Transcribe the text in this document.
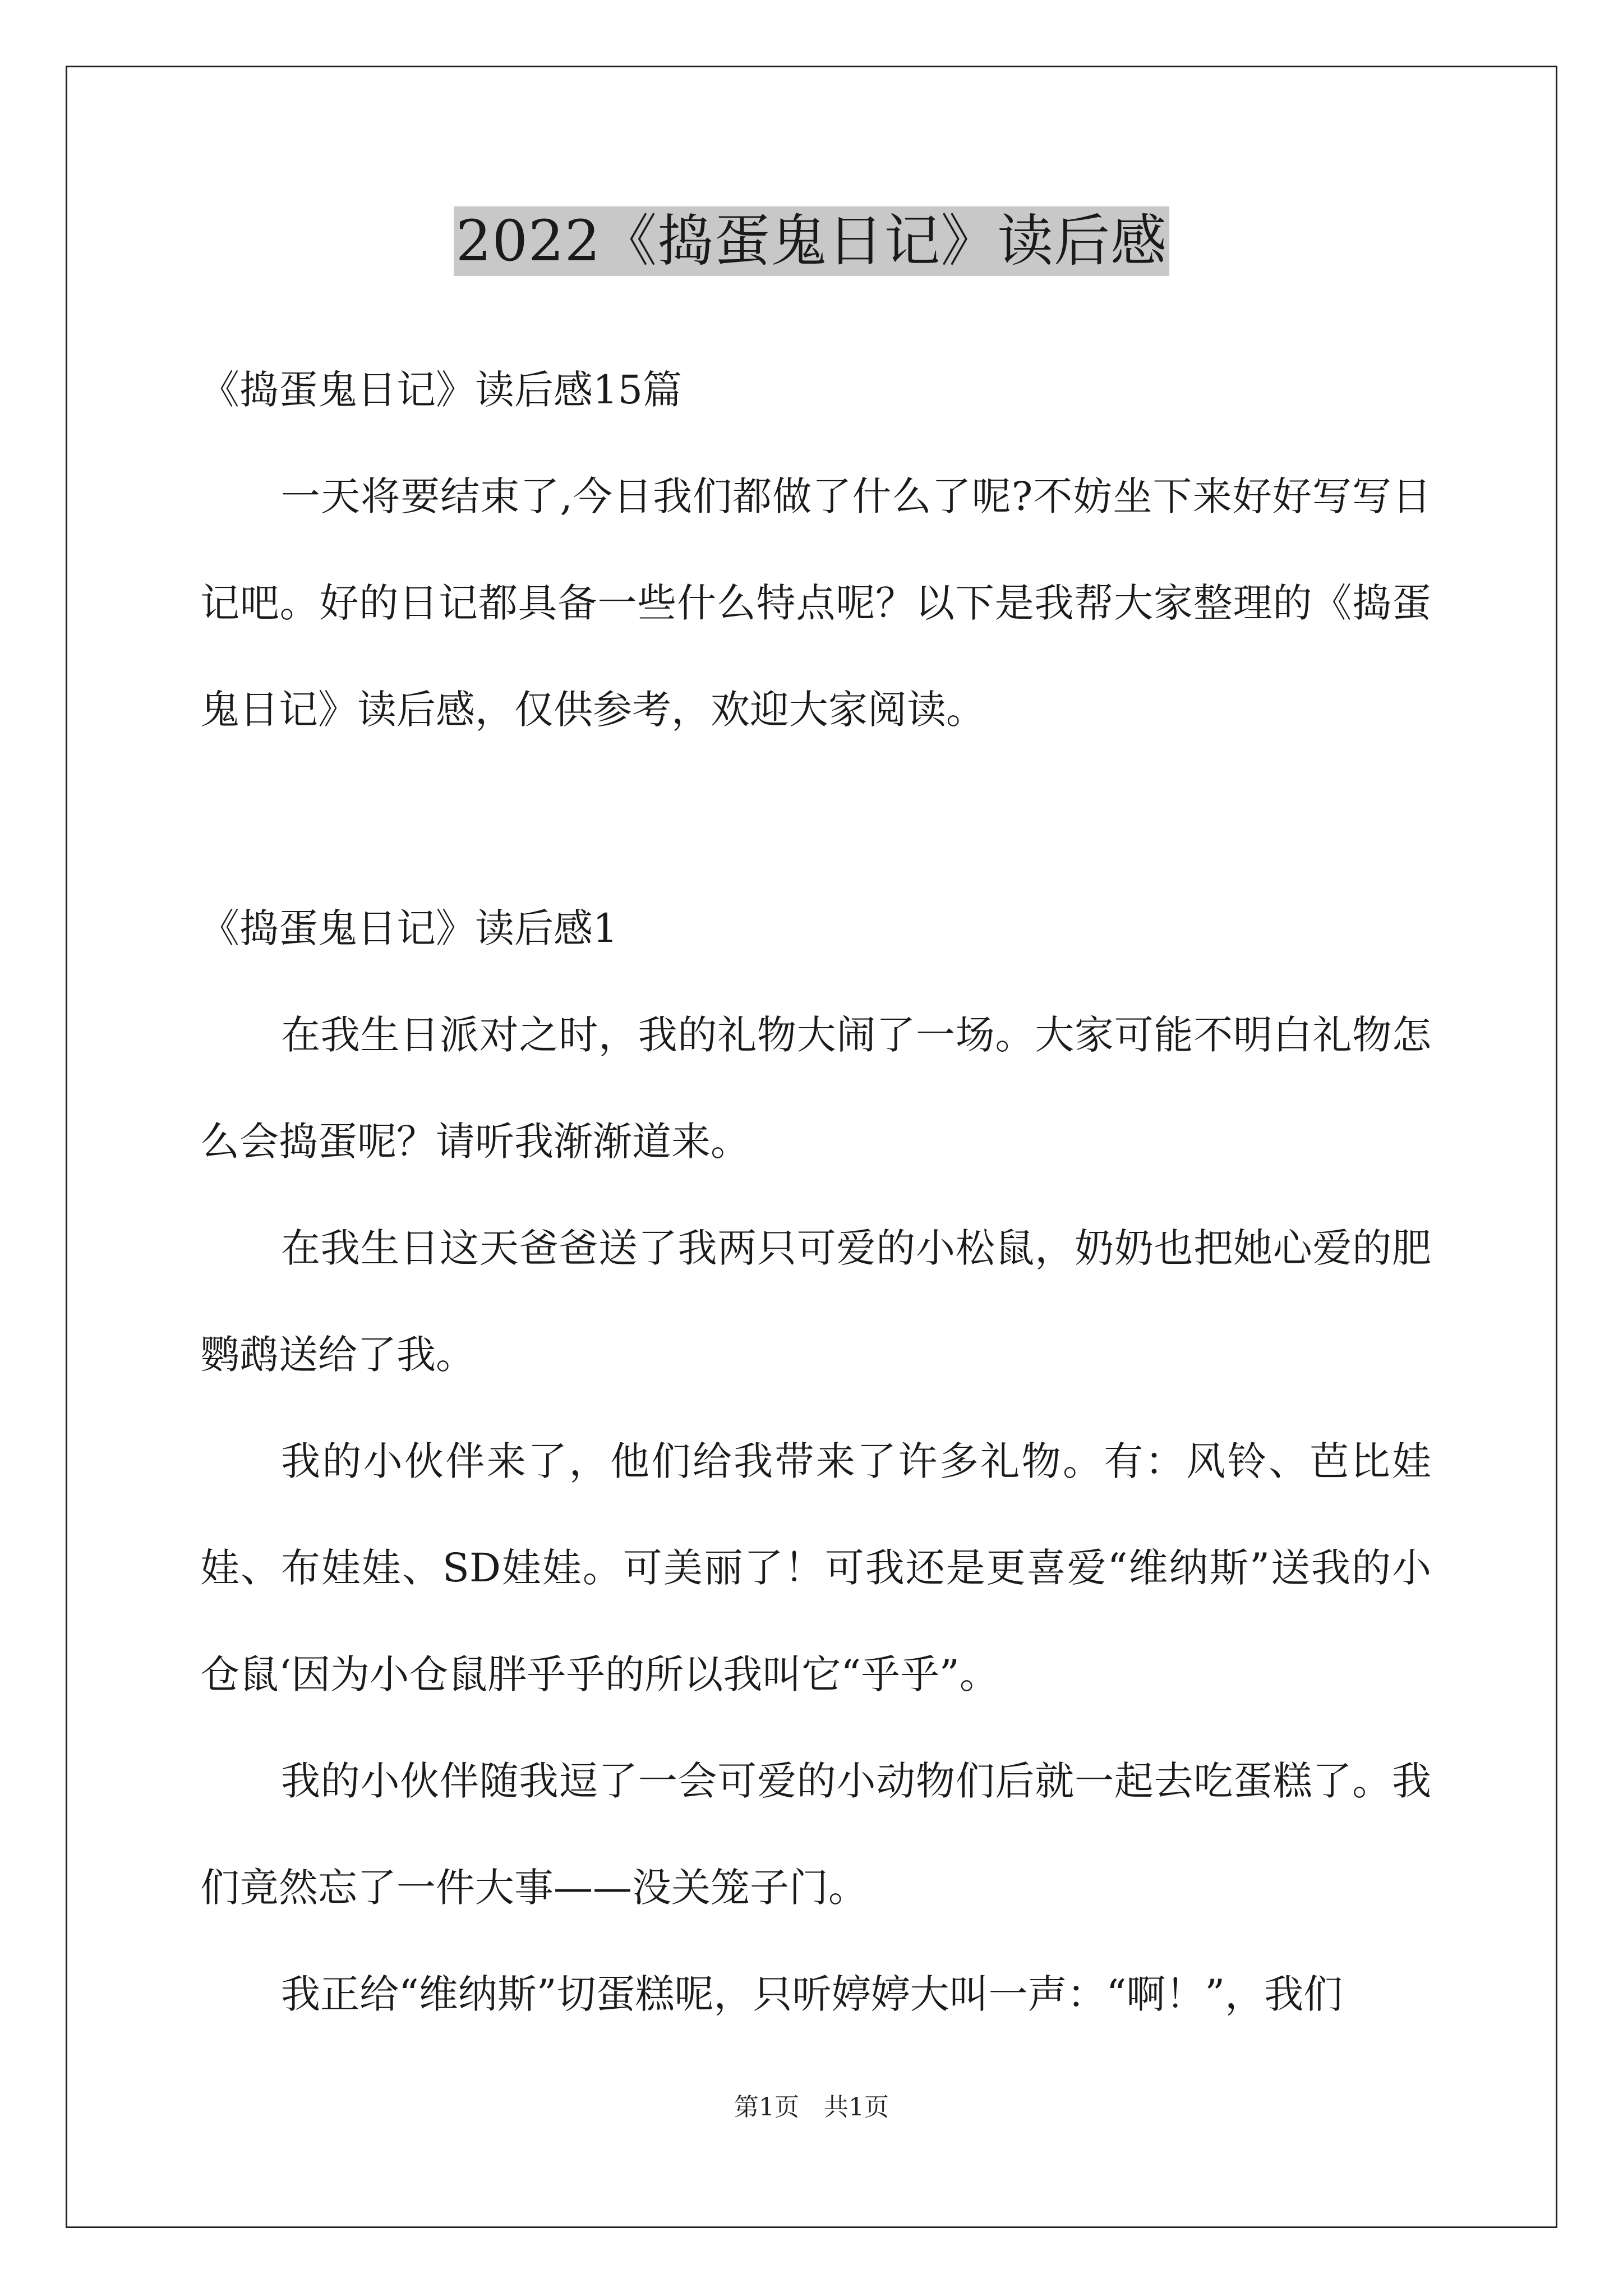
2022《捣蛋鬼日记》读后感

《捣蛋鬼日记》读后感15篇

一天将要结束了,今日我们都做了什么了呢?不妨坐下来好好写写日记吧。好的日记都具备一些什么特点呢？以下是我帮大家整理的《捣蛋鬼日记》读后感，仅供参考，欢迎大家阅读。

《捣蛋鬼日记》读后感1

在我生日派对之时，我的礼物大闹了一场。大家可能不明白礼物怎么会捣蛋呢？请听我渐渐道来。

在我生日这天爸爸送了我两只可爱的小松鼠，奶奶也把她心爱的肥鹦鹉送给了我。

我的小伙伴来了，他们给我带来了许多礼物。有：风铃、芭比娃娃、布娃娃、SD娃娃。可美丽了！可我还是更喜爱“维纳斯”送我的小仓鼠‘因为小仓鼠胖乎乎的所以我叫它“乎乎”。

我的小伙伴随我逗了一会可爱的小动物们后就一起去吃蛋糕了。我们竟然忘了一件大事——没关笼子门。

我正给“维纳斯”切蛋糕呢，只听婷婷大叫一声：“啊！”，我们

第1页　共1页
